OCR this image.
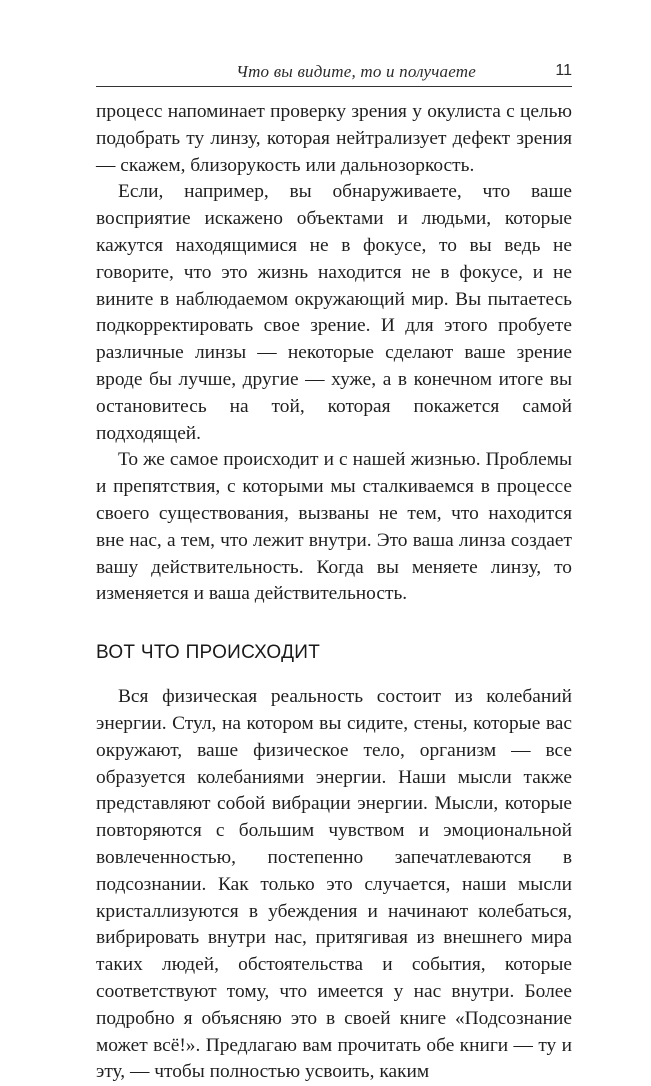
Что вы видите, то и получаете	11

процесс напоминает проверку зрения у окулиста с целью подобрать ту линзу, которая нейтрализует дефект зрения — скажем, близорукость или дальнозоркость.

Если, например, вы обнаруживаете, что ваше восприятие искажено объектами и людьми, которые кажутся находящимися не в фокусе, то вы ведь не говорите, что это жизнь находится не в фокусе, и не вините в наблюдаемом окружающий мир. Вы пытаетесь подкорректировать свое зрение. И для этого пробуете различные линзы — некоторые сделают ваше зрение вроде бы лучше, другие — хуже, а в конечном итоге вы остановитесь на той, которая покажется самой подходящей.

То же самое происходит и с нашей жизнью. Проблемы и препятствия, с которыми мы сталкиваемся в процессе своего существования, вызваны не тем, что находится вне нас, а тем, что лежит внутри. Это ваша линза создает вашу действительность. Когда вы меняете линзу, то изменяется и ваша действительность.

ВОТ ЧТО ПРОИСХОДИТ

Вся физическая реальность состоит из колебаний энергии. Стул, на котором вы сидите, стены, которые вас окружают, ваше физическое тело, организм — все образуется колебаниями энергии. Наши мысли также представляют собой вибрации энергии. Мысли, которые повторяются с большим чувством и эмоциональной вовлеченностью, постепенно запечатлеваются в подсознании. Как только это случается, наши мысли кристаллизуются в убеждения и начинают колебаться, вибрировать внутри нас, притягивая из внешнего мира таких людей, обстоятельства и события, которые соответствуют тому, что имеется у нас внутри. Более подробно я объясняю это в своей книге «Подсознание может всё!». Предлагаю вам прочитать обе книги — ту и эту, — чтобы полностью усвоить, каким
